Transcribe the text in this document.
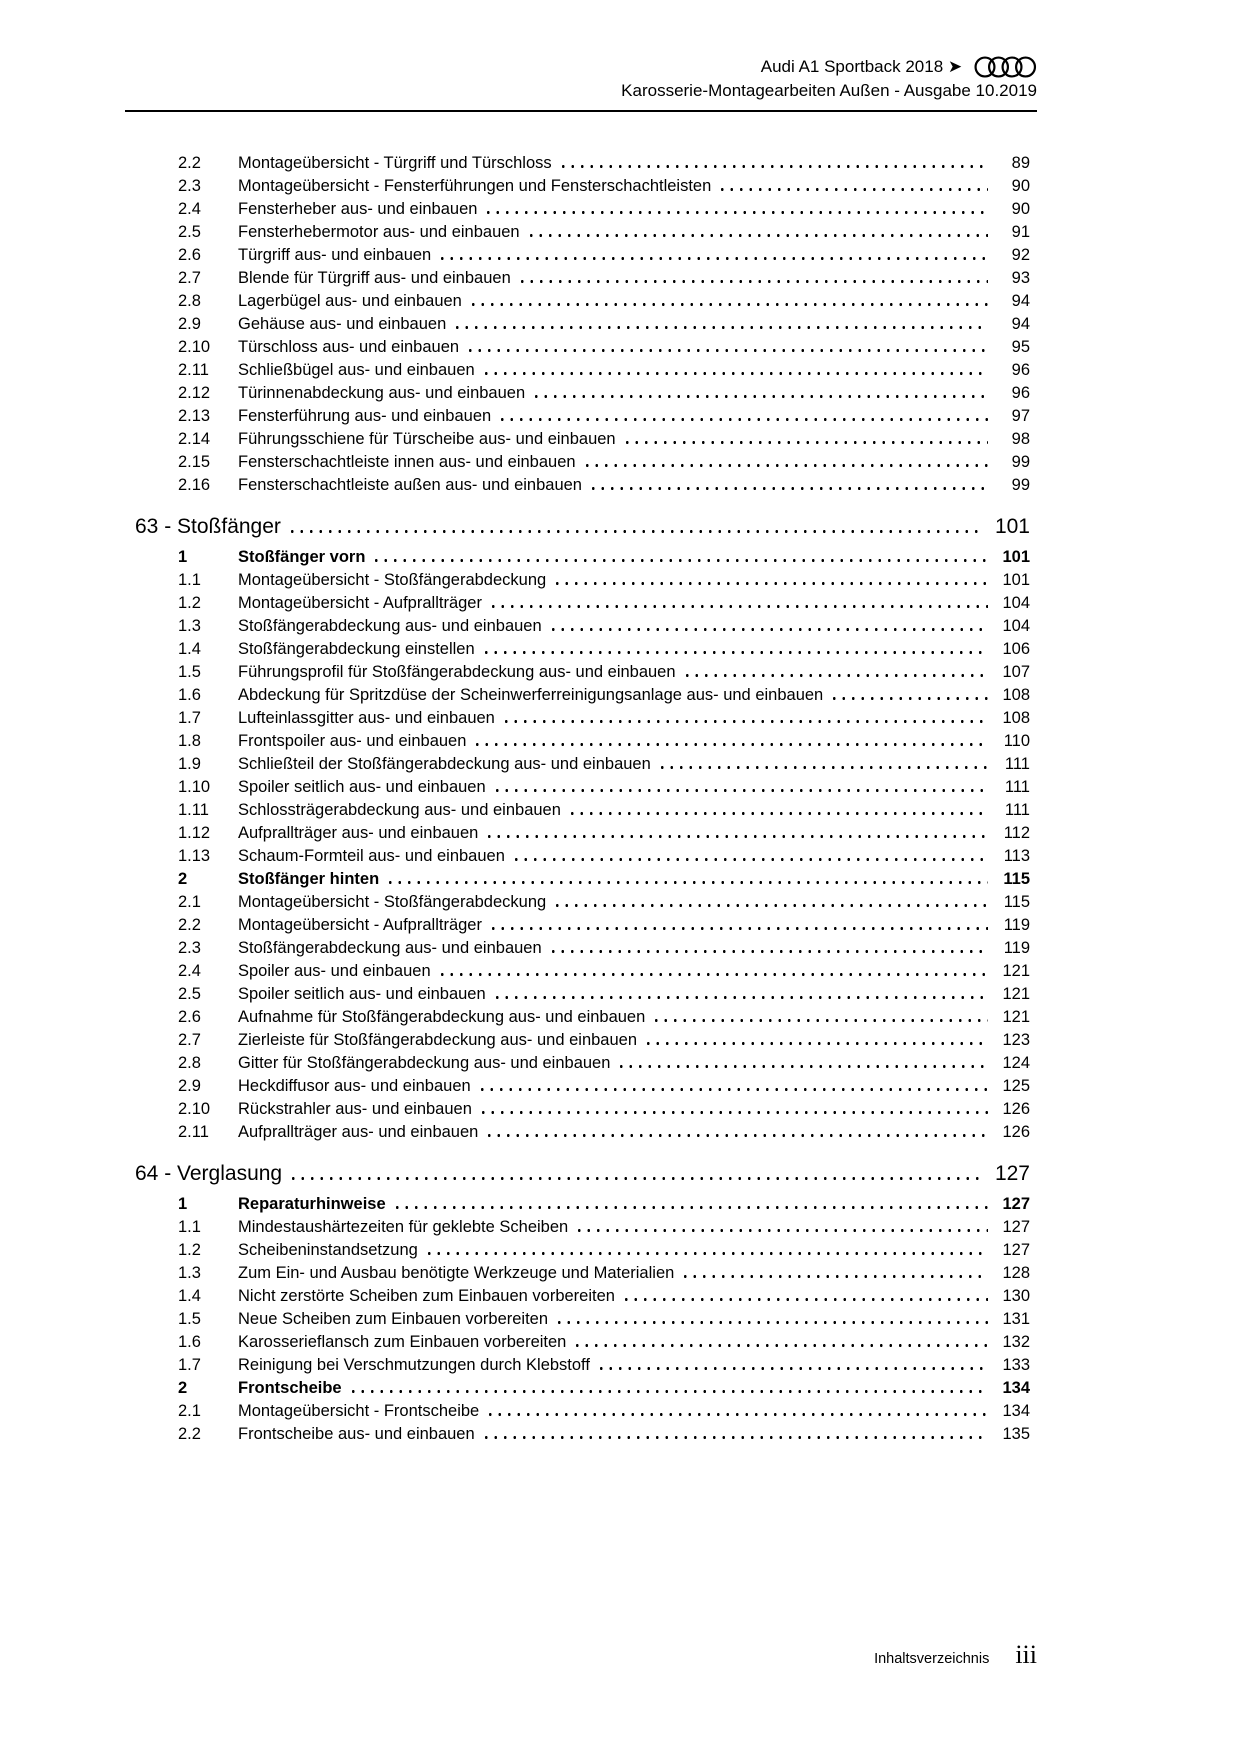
Audi A1 Sportback 2018 ➤
Karosserie-Montagearbeiten Außen - Ausgabe 10.2019
2.2	Montageübersicht - Türgriff und Türschloss	89
2.3	Montageübersicht - Fensterführungen und Fensterschachtleisten	90
2.4	Fensterheber aus- und einbauen	90
2.5	Fensterhebermotor aus- und einbauen	91
2.6	Türgriff aus- und einbauen	92
2.7	Blende für Türgriff aus- und einbauen	93
2.8	Lagerbügel aus- und einbauen	94
2.9	Gehäuse aus- und einbauen	94
2.10	Türschloss aus- und einbauen	95
2.11	Schließbügel aus- und einbauen	96
2.12	Türinnenabdeckung aus- und einbauen	96
2.13	Fensterführung aus- und einbauen	97
2.14	Führungsschiene für Türscheibe aus- und einbauen	98
2.15	Fensterschachtleiste innen aus- und einbauen	99
2.16	Fensterschachtleiste außen aus- und einbauen	99
63 - Stoßfänger	101
1	Stoßfänger vorn	101
1.1	Montageübersicht - Stoßfängerabdeckung	101
1.2	Montageübersicht - Aufprallträger	104
1.3	Stoßfängerabdeckung aus- und einbauen	104
1.4	Stoßfängerabdeckung einstellen	106
1.5	Führungsprofil für Stoßfängerabdeckung aus- und einbauen	107
1.6	Abdeckung für Spritzdüse der Scheinwerferreinigungsanlage aus- und einbauen	108
1.7	Lufteinlassgitter aus- und einbauen	108
1.8	Frontspoiler aus- und einbauen	110
1.9	Schließteil der Stoßfängerabdeckung aus- und einbauen	111
1.10	Spoiler seitlich aus- und einbauen	111
1.11	Schlossträgerabdeckung aus- und einbauen	111
1.12	Aufprallträger aus- und einbauen	112
1.13	Schaum-Formteil aus- und einbauen	113
2	Stoßfänger hinten	115
2.1	Montageübersicht - Stoßfängerabdeckung	115
2.2	Montageübersicht - Aufprallträger	119
2.3	Stoßfängerabdeckung aus- und einbauen	119
2.4	Spoiler aus- und einbauen	121
2.5	Spoiler seitlich aus- und einbauen	121
2.6	Aufnahme für Stoßfängerabdeckung aus- und einbauen	121
2.7	Zierleiste für Stoßfängerabdeckung aus- und einbauen	123
2.8	Gitter für Stoßfängerabdeckung aus- und einbauen	124
2.9	Heckdiffusor aus- und einbauen	125
2.10	Rückstrahler aus- und einbauen	126
2.11	Aufprallträger aus- und einbauen	126
64 - Verglasung	127
1	Reparaturhinweise	127
1.1	Mindestaushärtezeiten für geklebte Scheiben	127
1.2	Scheibeninstandsetzung	127
1.3	Zum Ein- und Ausbau benötigte Werkzeuge und Materialien	128
1.4	Nicht zerstörte Scheiben zum Einbauen vorbereiten	130
1.5	Neue Scheiben zum Einbauen vorbereiten	131
1.6	Karosserieflansch zum Einbauen vorbereiten	132
1.7	Reinigung bei Verschmutzungen durch Klebstoff	133
2	Frontscheibe	134
2.1	Montageübersicht - Frontscheibe	134
2.2	Frontscheibe aus- und einbauen	135
Inhaltsverzeichnis iii
